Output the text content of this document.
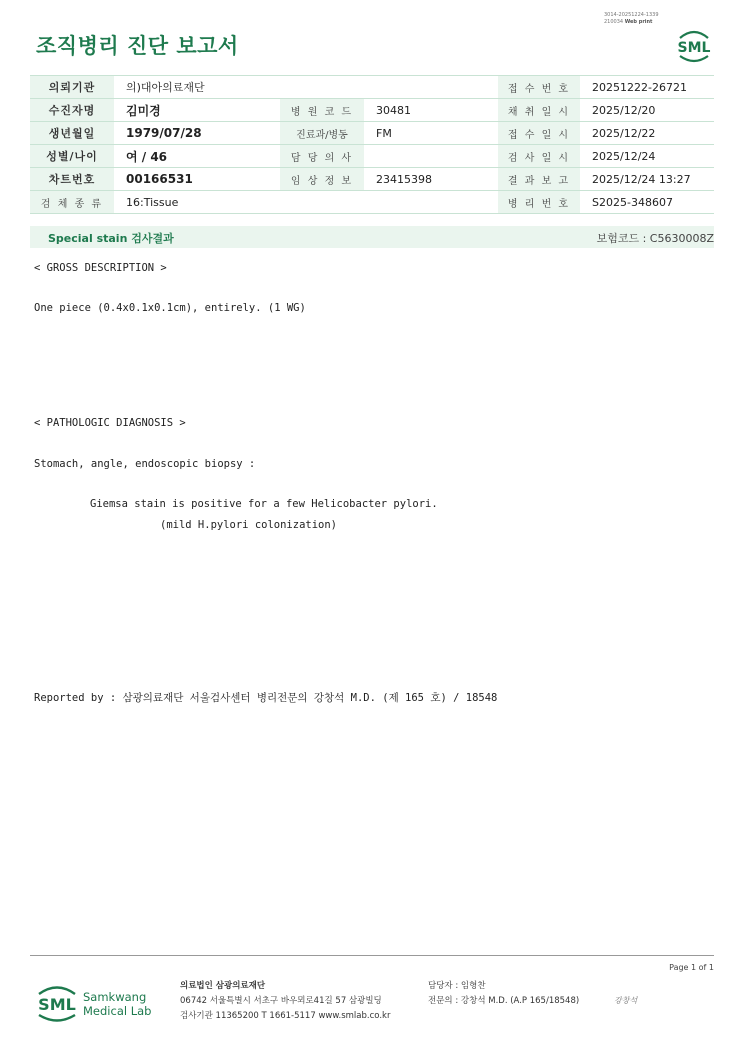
조직병리 진단 보고서
3014-20251224-1339
210034 Web print
SML
의뢰기관	의)대아의료재단			접 수 번 호	20251222-26721
수진자명	김미경	병 원 코 드	30481	채 취 일 시	2025/12/20
생년월일	1979/07/28	진료과/병동	FM	접 수 일 시	2025/12/22
성별/나이	여 / 46	담 당 의 사		검 사 일 시	2025/12/24
차트번호	00166531	임 상 정 보	23415398	결 과 보 고	2025/12/24 13:27
검 체 종 류	16:Tissue			병 리 번 호	S2025-348607
Special stain 검사결과	보험코드 : C5630008Z
< GROSS DESCRIPTION >
One piece (0.4x0.1x0.1cm), entirely. (1 WG)
< PATHOLOGIC DIAGNOSIS >
Stomach, angle, endoscopic biopsy :
Giemsa stain is positive for a few Helicobacter pylori.
(mild H.pylori colonization)
Reported by : 삼광의료재단 서울검사센터 병리전문의 강창석 M.D. (제 165 호) / 18548
Page 1 of 1
SML Samkwang
Medical Lab
의료법인 삼광의료재단
06742 서울특별시 서초구 바우뫼로41길 57 삼광빌딩
검사기관 11365200 T 1661-5117 www.smlab.co.kr
담당자 : 임형찬
전문의 : 강창석 M.D. (A.P 165/18548)	강창석
